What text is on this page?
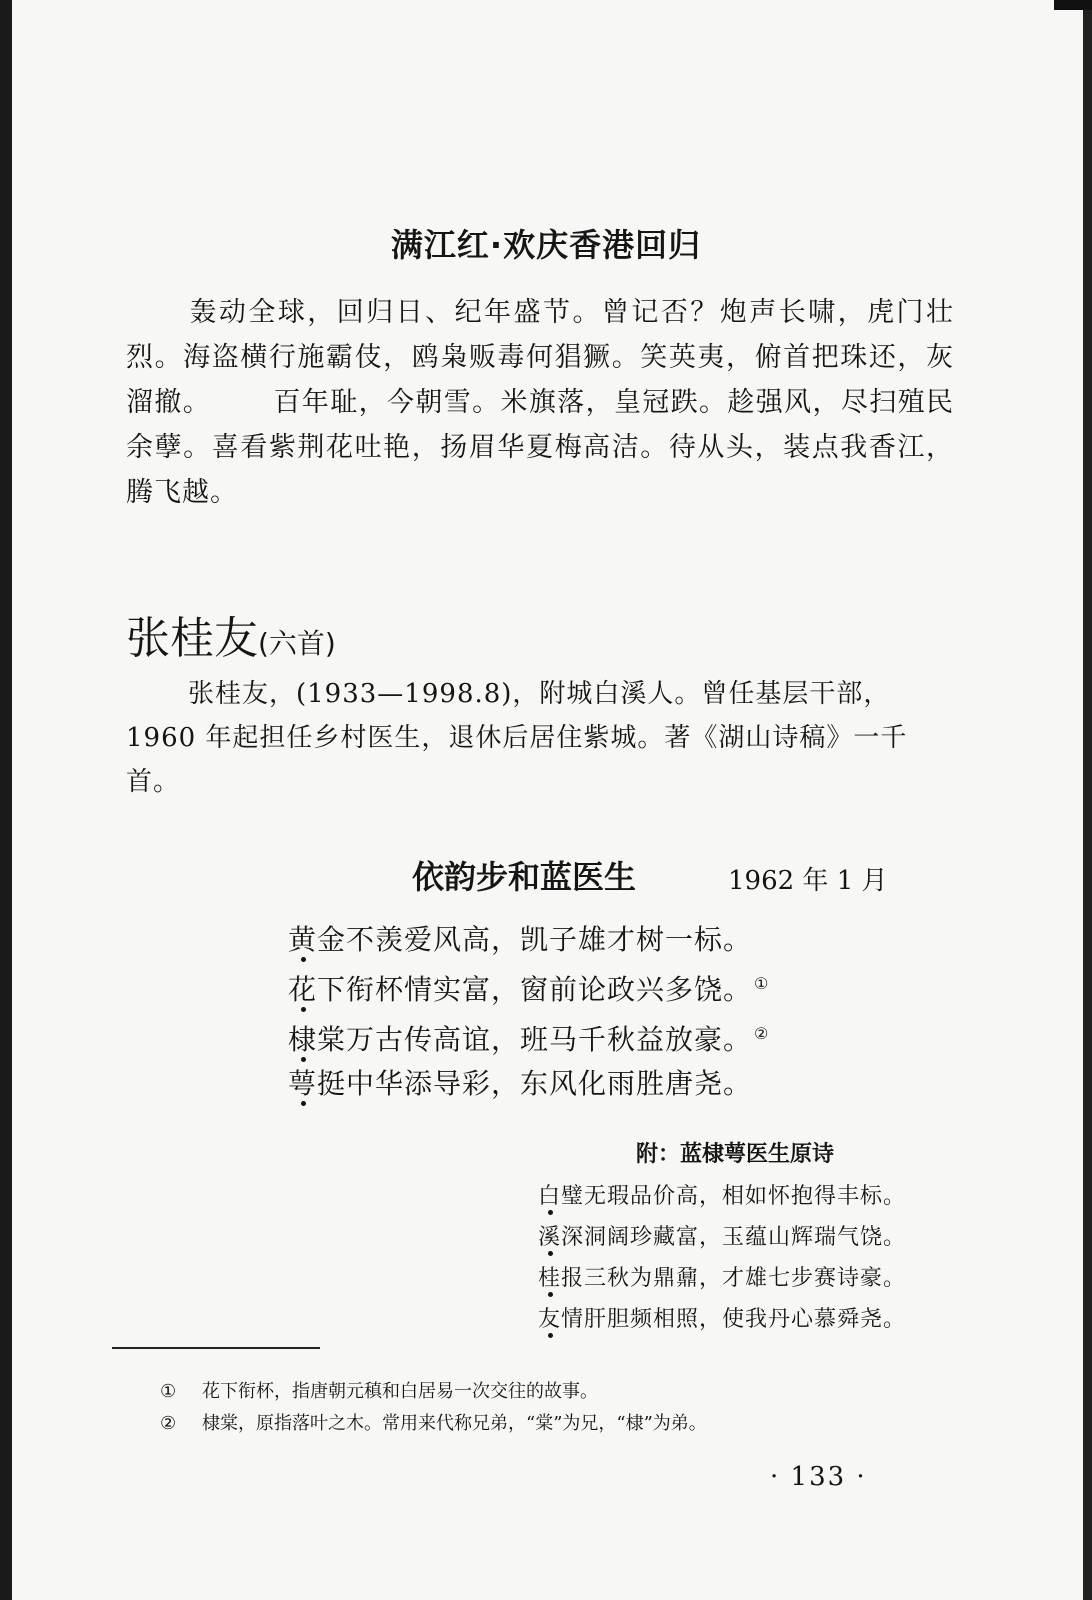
满江红·欢庆香港回归
轰动全球，回归日、纪年盛节。曾记否？炮声长啸，虎门壮烈。海盗横行施霸伎，鸥枭贩毒何猖獗。笑英夷，俯首把珠还，灰溜撤。 百年耻，今朝雪。米旗落，皇冠跌。趁强风，尽扫殖民余孽。喜看紫荆花吐艳，扬眉华夏梅高洁。待从头，装点我香江，腾飞越。
张桂友(六首)
张桂友，(1933—1998.8)，附城白溪人。曾任基层干部，1960 年起担任乡村医生，退休后居住紫城。著《湖山诗稿》一千首。
依韵步和蓝医生	1962 年 1 月
黄金不羡爱风高，凯子雄才树一标。
花下衔杯情实富，窗前论政兴多饶。 ①
棣棠万古传高谊，班马千秋益放豪。 ②
萼挺中华添导彩，东风化雨胜唐尧。
附：蓝棣萼医生原诗
白璧无瑕品价高，相如怀抱得丰标。
溪深洞阔珍藏富，玉蕴山辉瑞气饶。
桂报三秋为鼎鼐，才雄七步赛诗豪。
友情肝胆频相照，使我丹心慕舜尧。
① 花下衔杯，指唐朝元稹和白居易一次交往的故事。
② 棣棠，原指落叶之木。常用来代称兄弟，“棠”为兄，“棣”为弟。
· 133 ·
